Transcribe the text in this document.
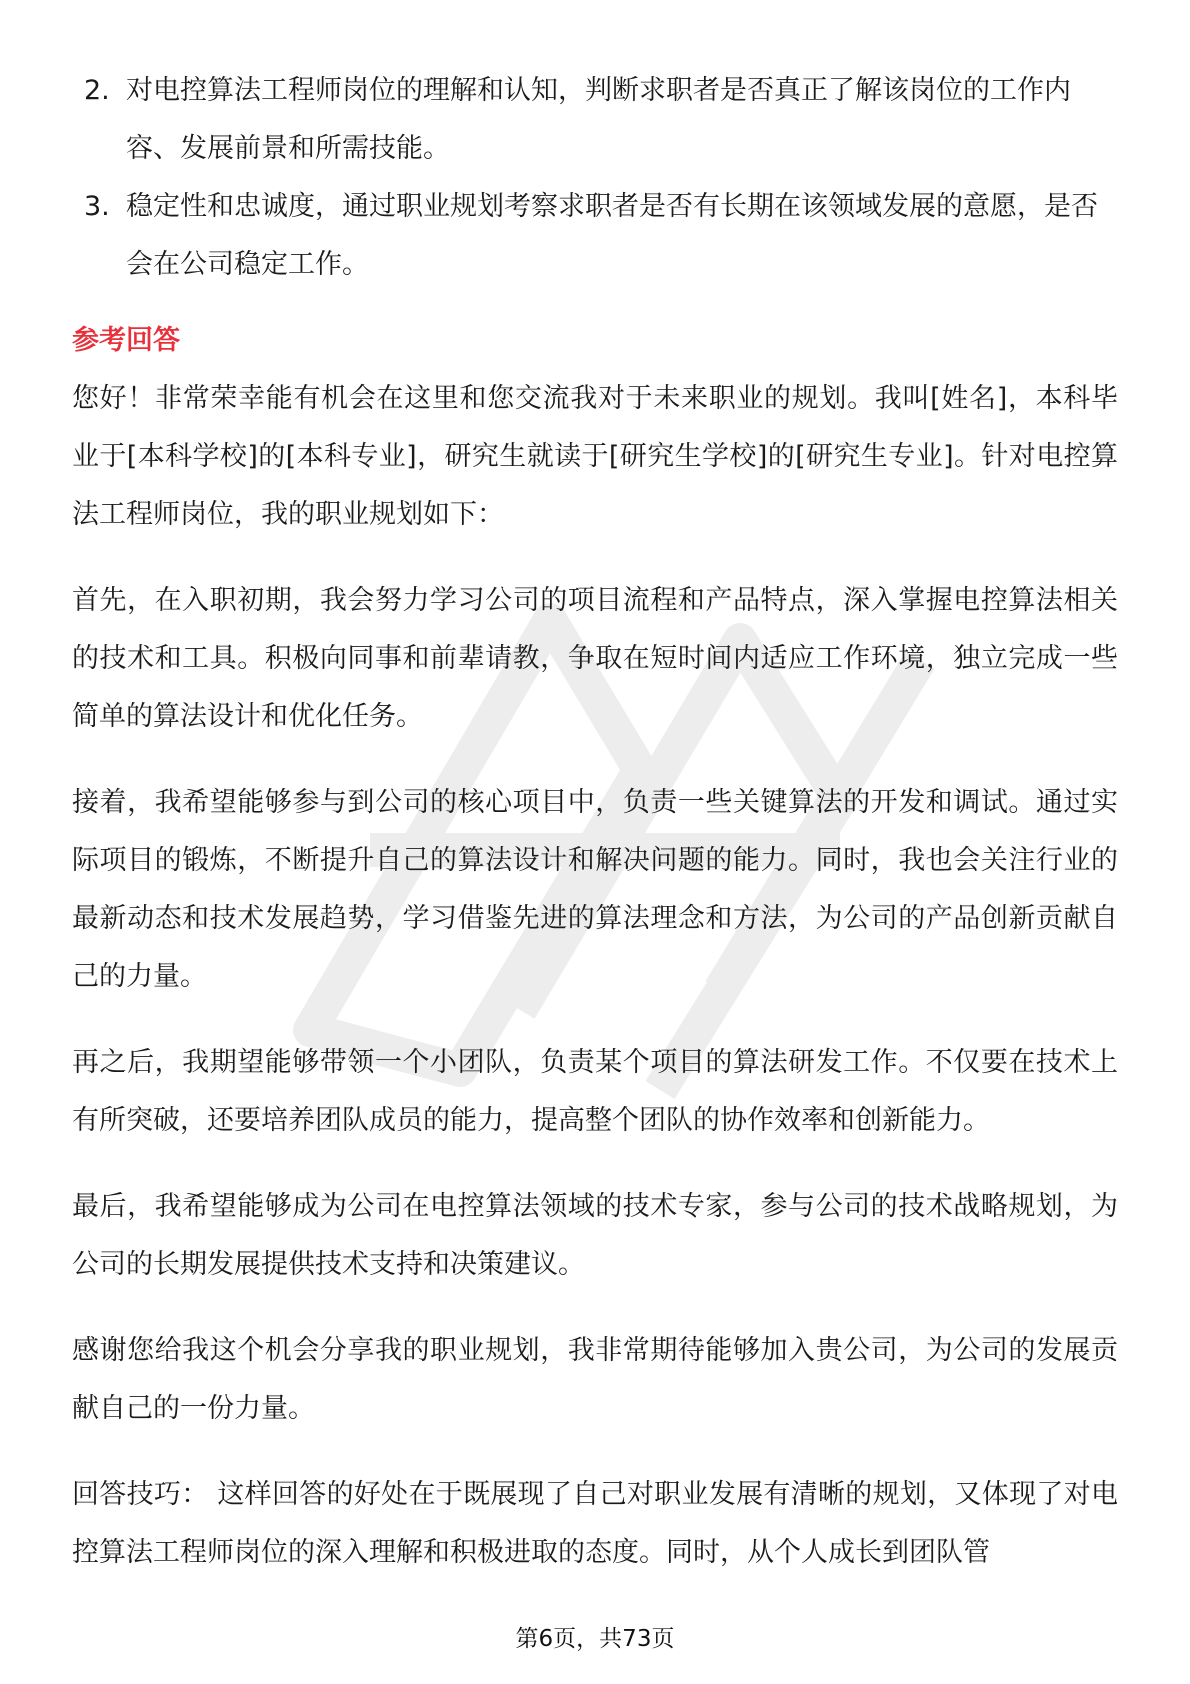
2. 对电控算法工程师岗位的理解和认知，判断求职者是否真正了解该岗位的工作内容、发展前景和所需技能。
3. 稳定性和忠诚度，通过职业规划考察求职者是否有长期在该领域发展的意愿，是否会在公司稳定工作。
参考回答

您好！非常荣幸能有机会在这里和您交流我对于未来职业的规划。我叫[姓名]，本科毕业于[本科学校]的[本科专业]，研究生就读于[研究生学校]的[研究生专业]。针对电控算法工程师岗位，我的职业规划如下：

首先，在入职初期，我会努力学习公司的项目流程和产品特点，深入掌握电控算法相关的技术和工具。积极向同事和前辈请教，争取在短时间内适应工作环境，独立完成一些简单的算法设计和优化任务。

接着，我希望能够参与到公司的核心项目中，负责一些关键算法的开发和调试。通过实际项目的锻炼，不断提升自己的算法设计和解决问题的能力。同时，我也会关注行业的最新动态和技术发展趋势，学习借鉴先进的算法理念和方法，为公司的产品创新贡献自己的力量。

再之后，我期望能够带领一个小团队，负责某个项目的算法研发工作。不仅要在技术上有所突破，还要培养团队成员的能力，提高整个团队的协作效率和创新能力。

最后，我希望能够成为公司在电控算法领域的技术专家，参与公司的技术战略规划，为公司的长期发展提供技术支持和决策建议。

感谢您给我这个机会分享我的职业规划，我非常期待能够加入贵公司，为公司的发展贡献自己的一份力量。

回答技巧： 这样回答的好处在于既展现了自己对职业发展有清晰的规划，又体现了对电控算法工程师岗位的深入理解和积极进取的态度。同时，从个人成长到团队管

第6页，共73页
